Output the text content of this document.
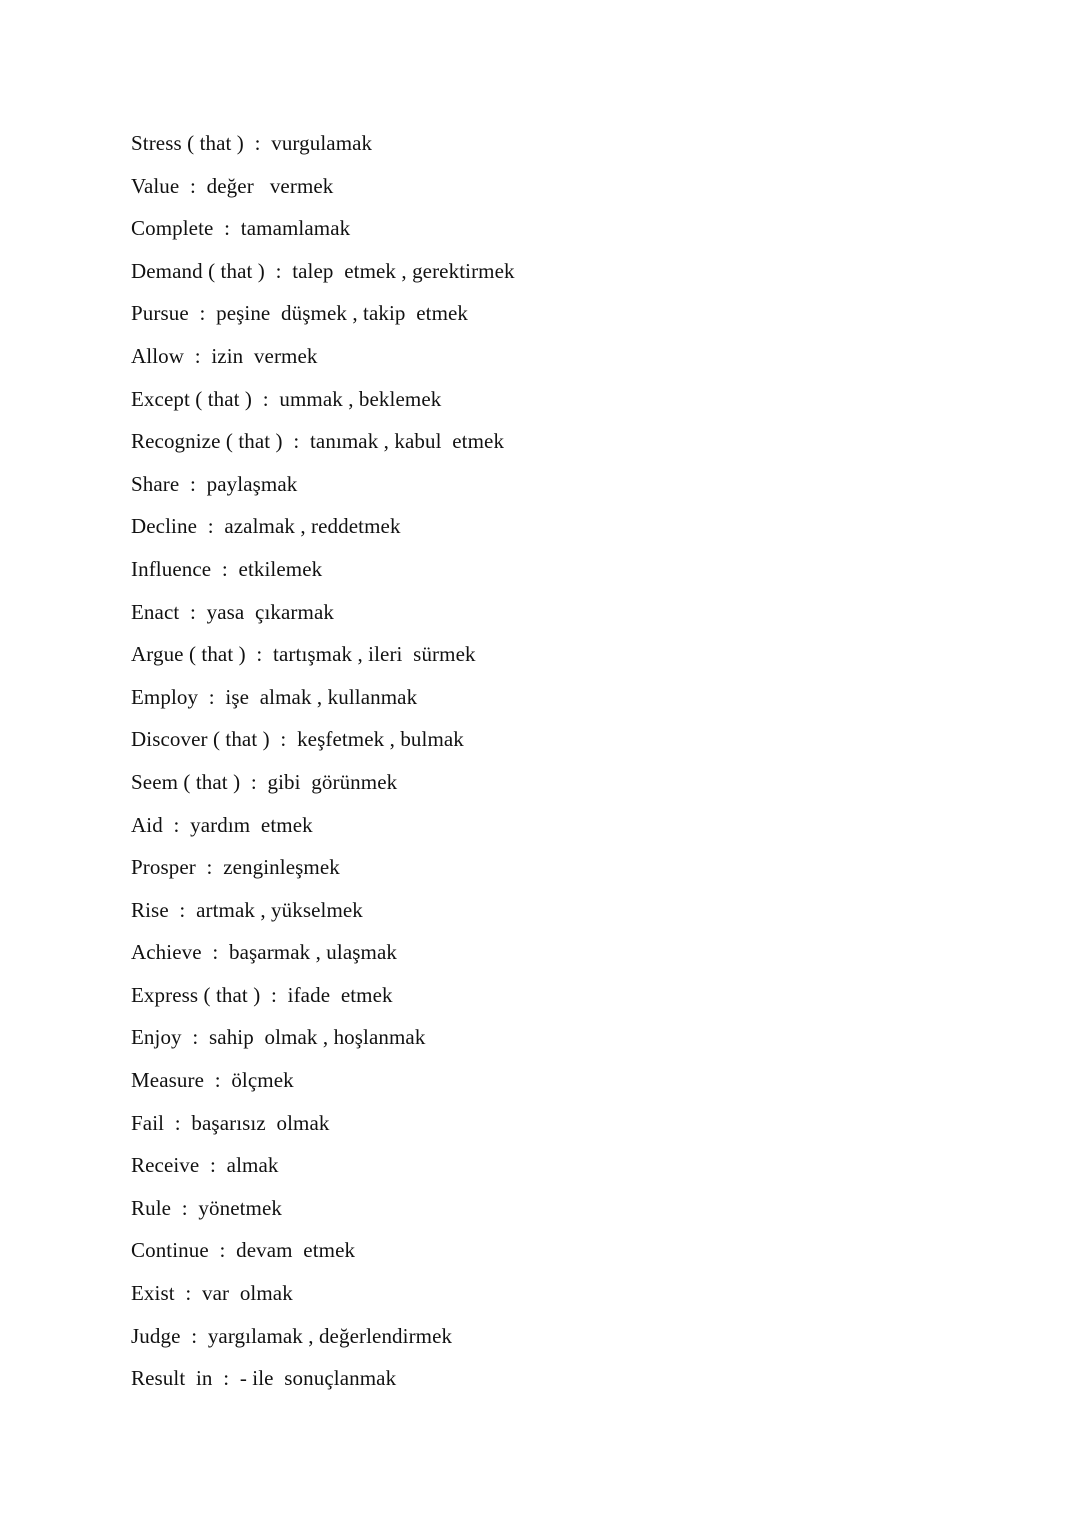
Stress ( that )  :  vurgulamak
Value  :  değer   vermek
Complete  :  tamamlamak
Demand ( that )  :  talep  etmek , gerektirmek
Pursue  :  peşine  düşmek , takip  etmek
Allow  :  izin  vermek
Except ( that )  :  ummak , beklemek
Recognize ( that )  :  tanımak , kabul  etmek
Share  :  paylaşmak
Decline  :  azalmak , reddetmek
Influence  :  etkilemek
Enact  :  yasa  çıkarmak
Argue ( that )  :  tartışmak , ileri  sürmek
Employ  :  işe  almak , kullanmak
Discover ( that )  :  keşfetmek , bulmak
Seem ( that )  :  gibi  görünmek
Aid  :  yardım  etmek
Prosper  :  zenginleşmek
Rise  :  artmak , yükselmek
Achieve  :  başarmak , ulaşmak
Express ( that )  :  ifade  etmek
Enjoy  :  sahip  olmak , hoşlanmak
Measure  :  ölçmek
Fail  :  başarısız  olmak
Receive  :  almak
Rule  :  yönetmek
Continue  :  devam  etmek
Exist  :  var  olmak
Judge  :  yargılamak , değerlendirmek
Result  in  :  - ile  sonuçlanmak
